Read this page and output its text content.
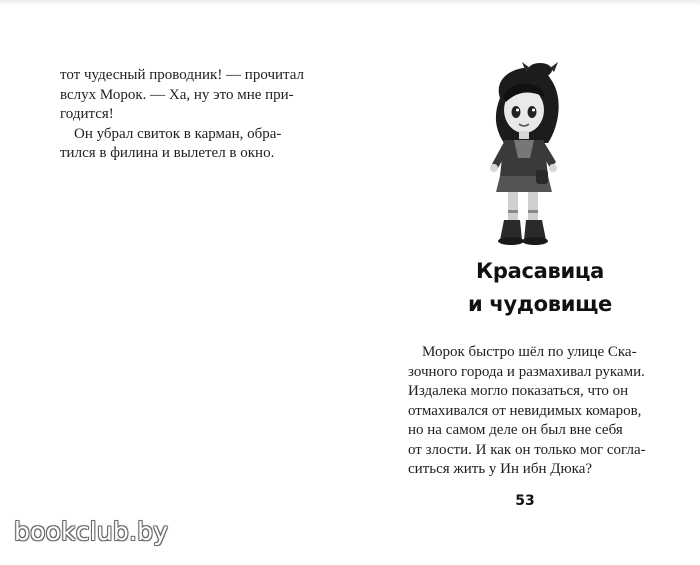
тот чудесный проводник! — прочитал
вслух Морок. — Ха, ну это мне при-
годится!

Он убрал свиток в карман, обра-
тился в филина и вылетел в окно.

Красавица
и чудовище

Морок быстро шёл по улице Ска-
зочного города и размахивал руками.
Издалека могло показаться, что он
отмахивался от невидимых комаров,
но на самом деле он был вне себя
от злости. И как он только мог согла-
ситься жить у Ин ибн Дюка?

53
bookclub.by
